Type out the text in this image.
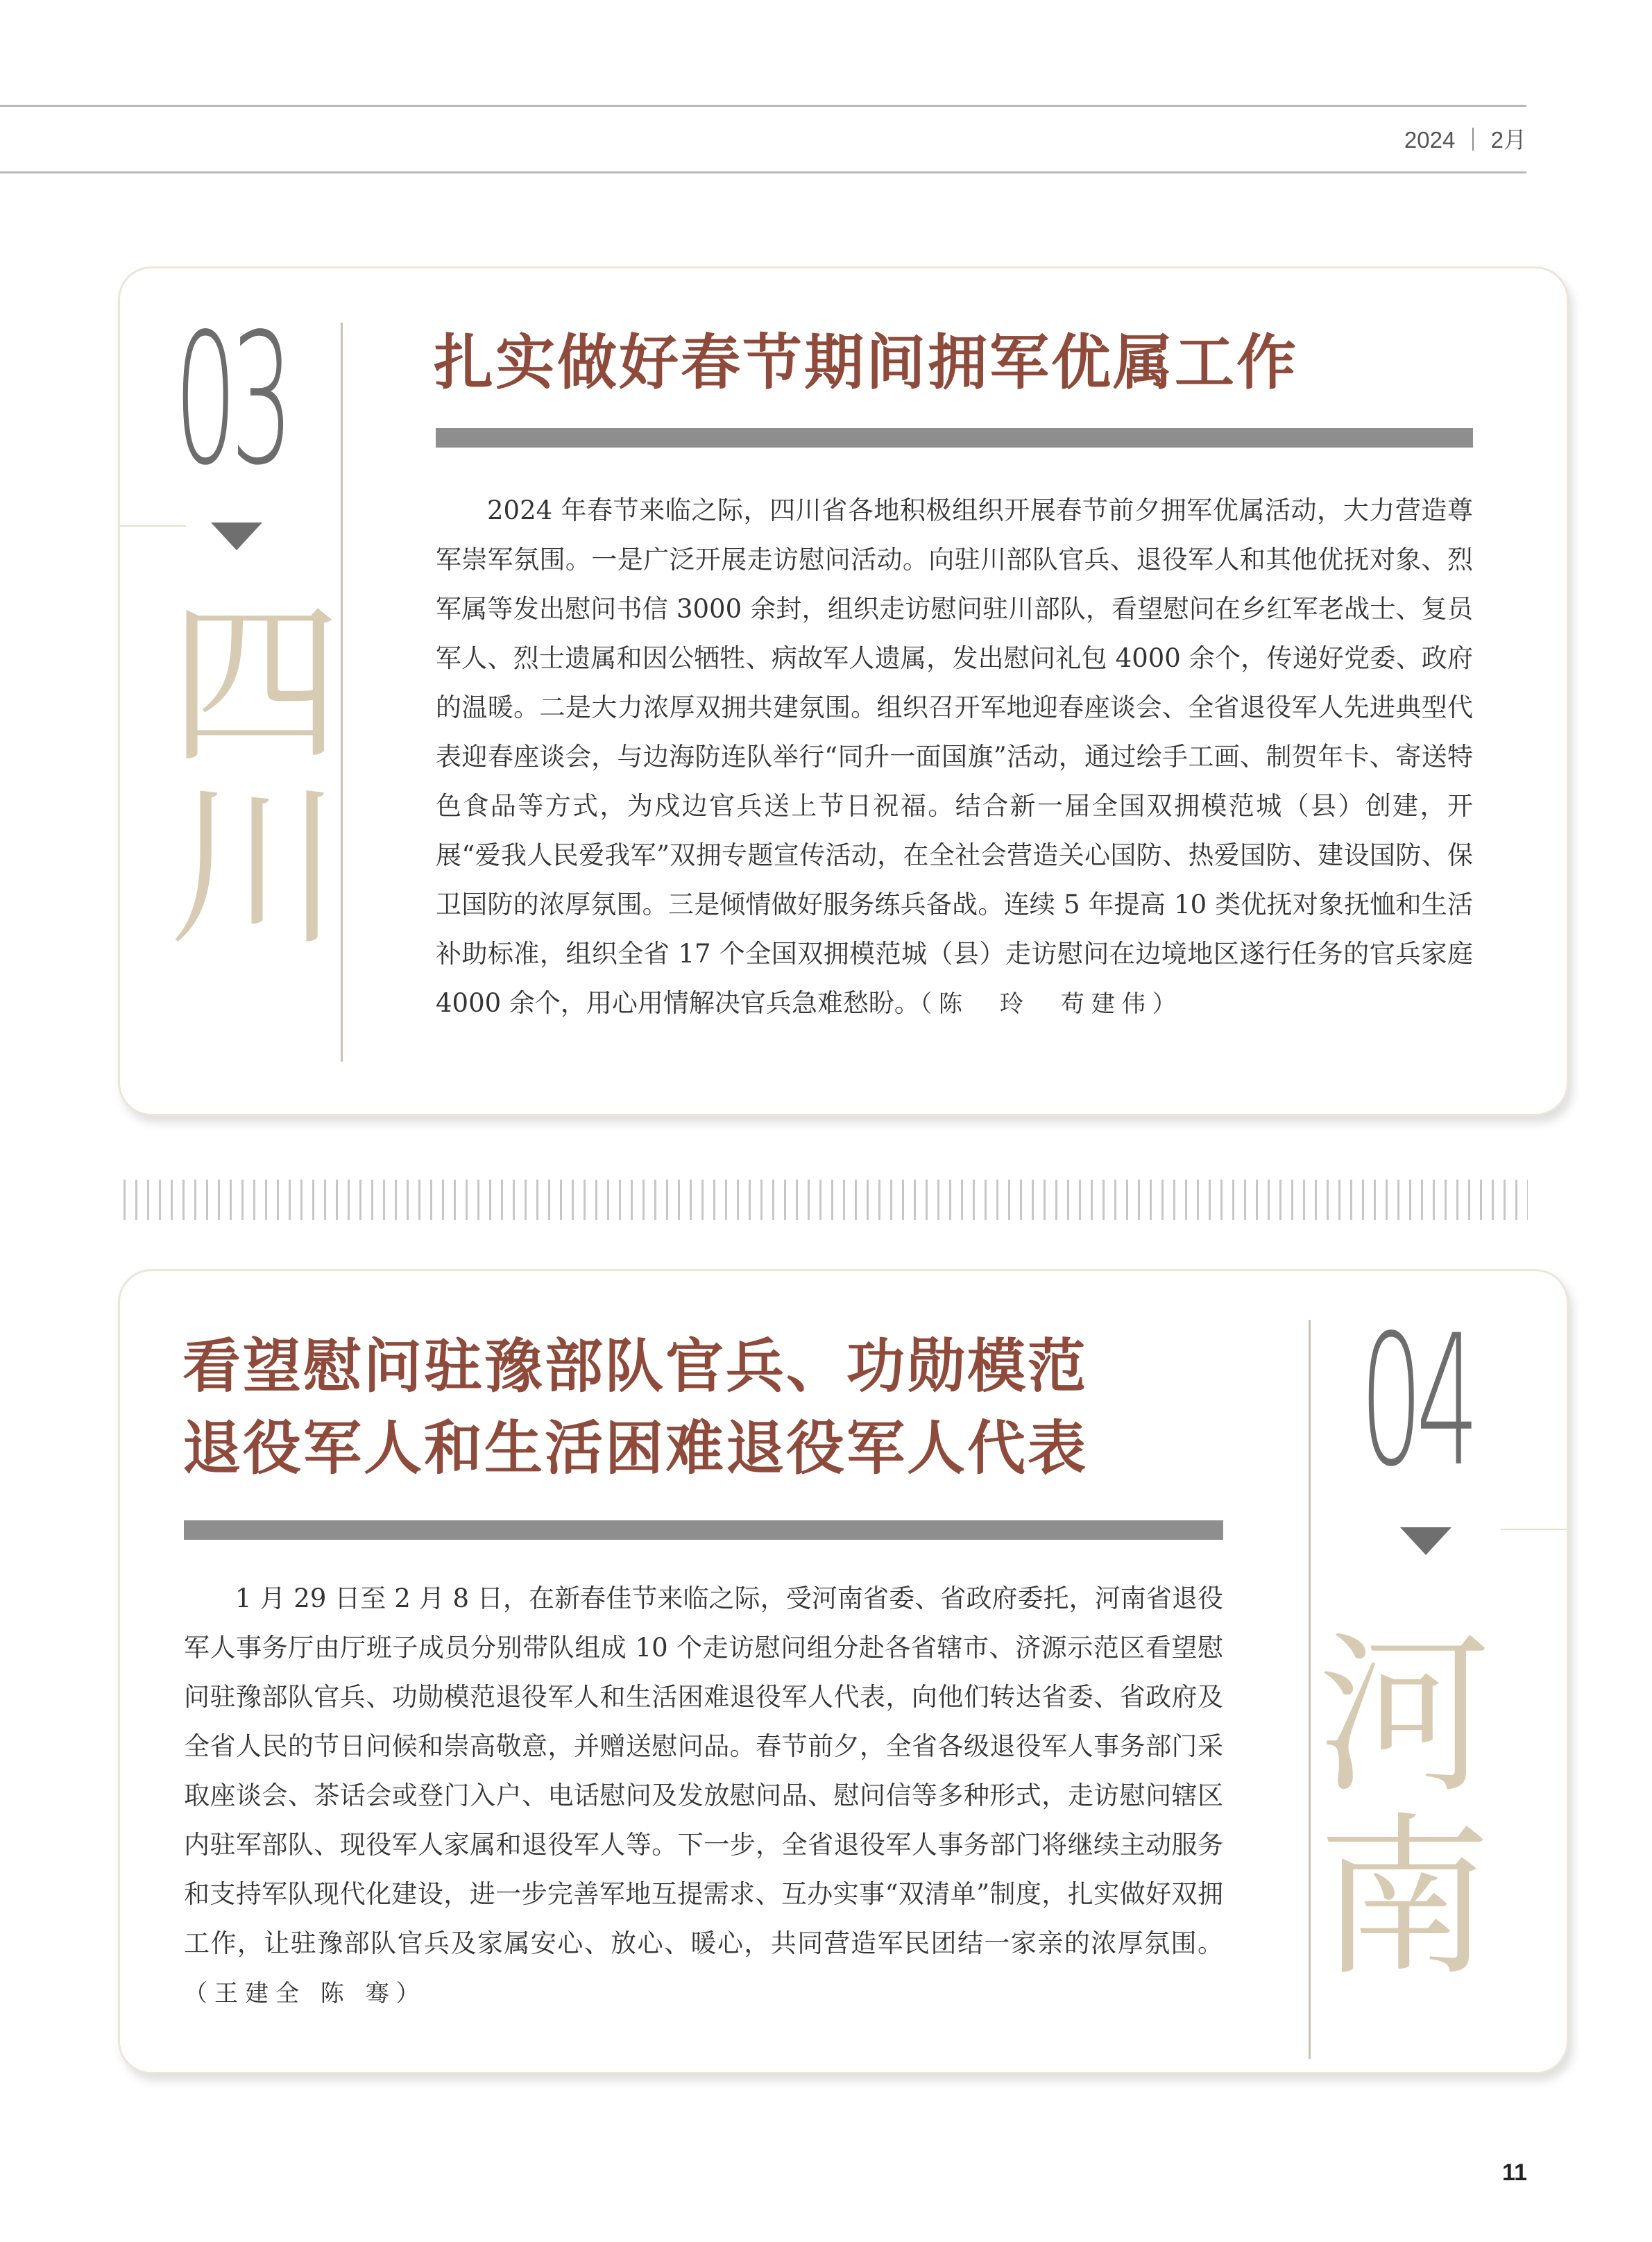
2024 ｜ 2月
03
四川
扎实做好春节期间拥军优属工作
2024 年春节来临之际，四川省各地积极组织开展春节前夕拥军优属活动，大力营造尊军崇军氛围。一是广泛开展走访慰问活动。向驻川部队官兵、退役军人和其他优抚对象、烈军属等发出慰问书信 3000 余封，组织走访慰问驻川部队，看望慰问在乡红军老战士、复员军人、烈士遗属和因公牺牲、病故军人遗属，发出慰问礼包 4000 余个，传递好党委、政府的温暖。二是大力浓厚双拥共建氛围。组织召开军地迎春座谈会、全省退役军人先进典型代表迎春座谈会，与边海防连队举行“同升一面国旗”活动，通过绘手工画、制贺年卡、寄送特色食品等方式，为戍边官兵送上节日祝福。结合新一届全国双拥模范城（县）创建，开展“爱我人民爱我军”双拥专题宣传活动，在全社会营造关心国防、热爱国防、建设国防、保卫国防的浓厚氛围。三是倾情做好服务练兵备战。连续 5 年提高 10 类优抚对象抚恤和生活补助标准，组织全省 17 个全国双拥模范城（县）走访慰问在边境地区遂行任务的官兵家庭 4000 余个，用心用情解决官兵急难愁盼。（陈　玲　苟建伟）
看望慰问驻豫部队官兵、功勋模范
退役军人和生活困难退役军人代表
1 月 29 日至 2 月 8 日，在新春佳节来临之际，受河南省委、省政府委托，河南省退役军人事务厅由厅班子成员分别带队组成 10 个走访慰问组分赴各省辖市、济源示范区看望慰问驻豫部队官兵、功勋模范退役军人和生活困难退役军人代表，向他们转达省委、省政府及全省人民的节日问候和崇高敬意，并赠送慰问品。春节前夕，全省各级退役军人事务部门采取座谈会、茶话会或登门入户、电话慰问及发放慰问品、慰问信等多种形式，走访慰问辖区内驻军部队、现役军人家属和退役军人等。下一步，全省退役军人事务部门将继续主动服务和支持军队现代化建设，进一步完善军地互提需求、互办实事“双清单”制度，扎实做好双拥工作，让驻豫部队官兵及家属安心、放心、暖心，共同营造军民团结一家亲的浓厚氛围。（王建全 陈 骞）
04
河南
11
